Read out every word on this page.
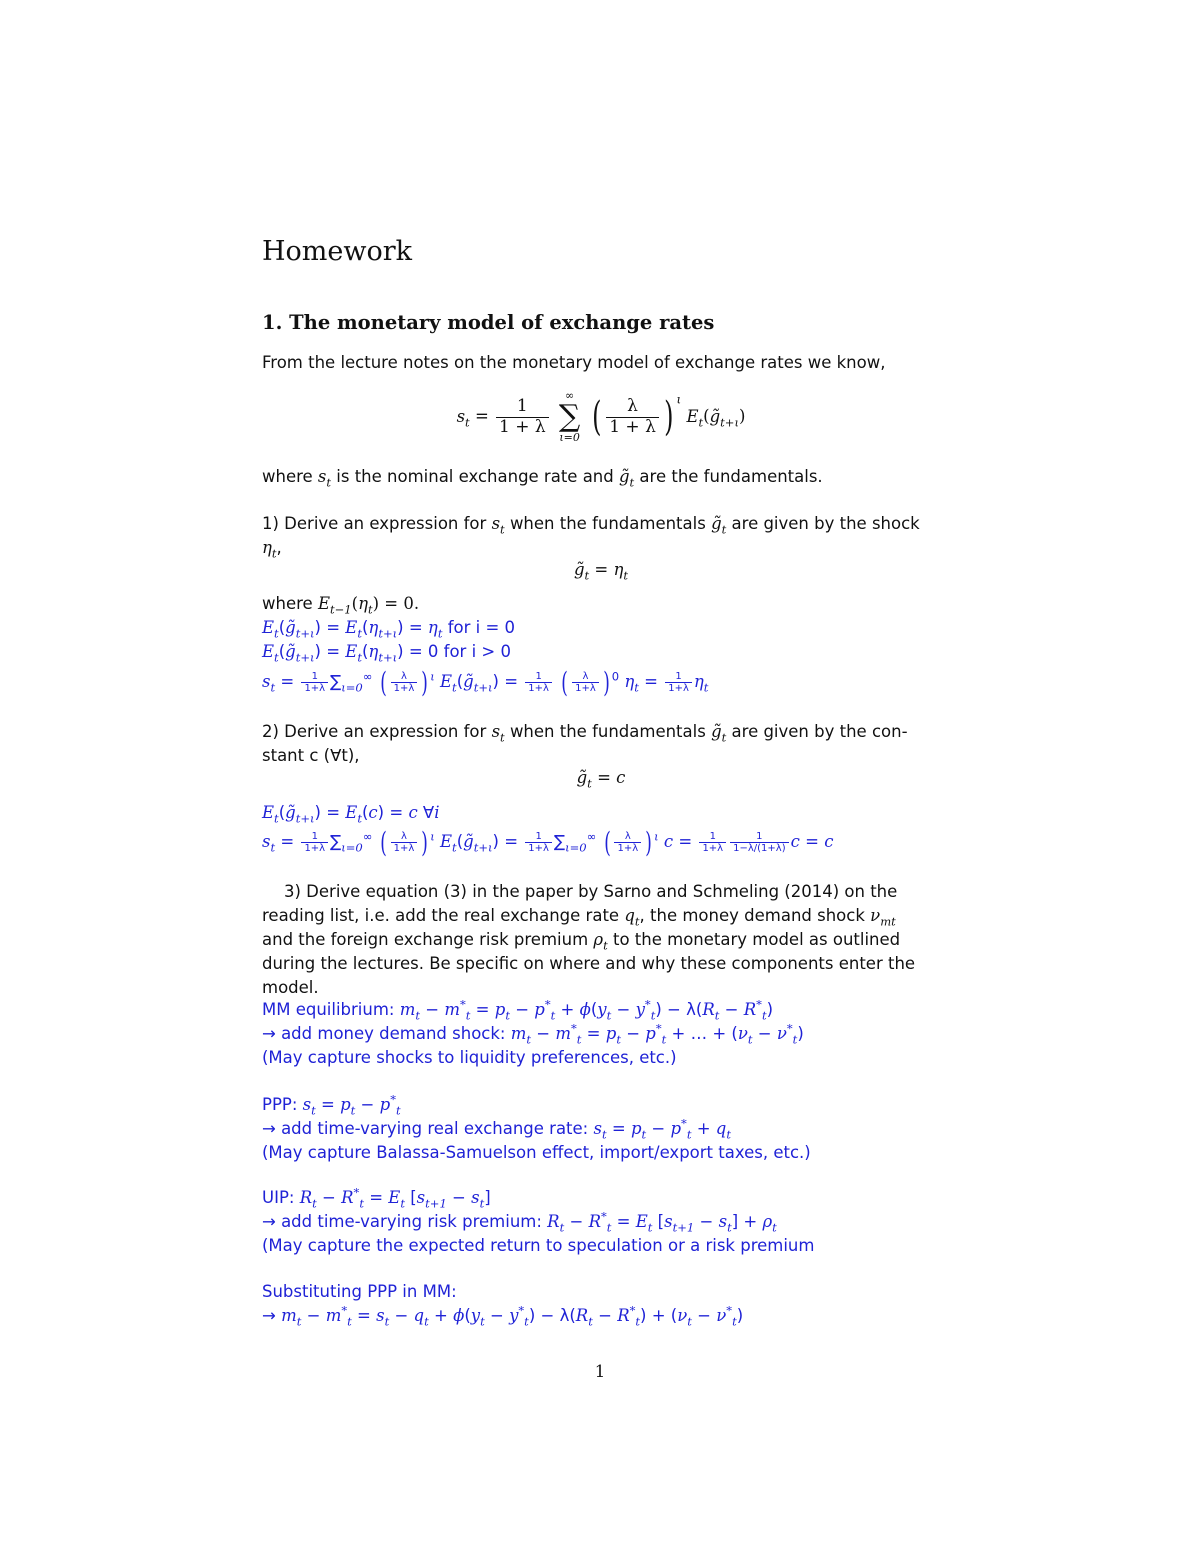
Homework
1. The monetary model of exchange rates
From the lecture notes on the monetary model of exchange rates we know,
$s_t = \frac{1}{1 + \lambda}$
∞
∑
ι=0 ( $\frac{\lambda}{1 + \lambda}$ ) $^\iota$ $E_t(g̃_{t+\iota})$
where $s_t$ is the nominal exchange rate and $g̃_t$ are the fundamentals.
1) Derive an expression for $s_t$ when the fundamentals $g̃_t$ are given by the shock
$\eta_t$,
$g̃_t = \eta_t$
where $E_{t-1}(\eta_t) = 0$.
$E_t(g̃_{t+\iota}) = E_t(\eta_{t+\iota}) = \eta_t$ for i = 0
$E_t(g̃_{t+\iota}) = E_t(\eta_{t+\iota}) = 0$ for i > 0
$s_t = \frac{1}{1+\lambda} \sum_{\iota=0}^\infty$ ( $\frac{\lambda}{1+\lambda}$ ) $^\iota$ $E_t(g̃_{t+\iota}) = \frac{1}{1+\lambda}$ ( $\frac{\lambda}{1+\lambda}$ ) $^0$ $\eta_t = \frac{1}{1+\lambda} \eta_t$
2) Derive an expression for $s_t$ when the fundamentals $g̃_t$ are given by the con-
stant c (∀t),
$g̃_t = c$
$E_t(g̃_{t+\iota}) = E_t(c) = c$ ∀i
$s_t = \frac{1}{1+\lambda} \sum_{\iota=0}^\infty$ ( $\frac{\lambda}{1+\lambda}$ ) $^\iota$ $E_t(g̃_{t+\iota}) = \frac{1}{1+\lambda} \sum_{\iota=0}^\infty$ ( $\frac{\lambda}{1+\lambda}$ ) $^\iota$ $c = \frac{1}{1+\lambda} \frac{1}{1-\lambda/(1+\lambda)}$ c = c
3) Derive equation (3) in the paper by Sarno and Schmeling (2014) on the
reading list, i.e. add the real exchange rate $q_t$, the money demand shock $\nu_{mt}$
and the foreign exchange risk premium $\rho_t$ to the monetary model as outlined
during the lectures. Be specific on where and why these components enter the
model.
MM equilibrium: $m_t - m^*_t = p_t - p^*_t + \phi(y_t - y^*_t) - \lambda(R_t - R^*_t)$
→ add money demand shock: $m_t - m^*_t = p_t - p^*_t$ + … + $(\nu_t - \nu^*_t)$
(May capture shocks to liquidity preferences, etc.)
PPP: $s_t = p_t - p^*_t$
→ add time-varying real exchange rate: $s_t = p_t - p^*_t + q_t$
(May capture Balassa-Samuelson effect, import/export taxes, etc.)
UIP: $R_t - R^*_t = E_t$ $[s_{t+1} - s_t]$
→ add time-varying risk premium: $R_t - R^*_t = E_t$ $[s_{t+1} - s_t] + \rho_t$
(May capture the expected return to speculation or a risk premium
Substituting PPP in MM:
→ $m_t - m^*_t = s_t - q_t + \phi(y_t - y^*_t) - \lambda(R_t - R^*_t) + (\nu_t - \nu^*_t)$
1
